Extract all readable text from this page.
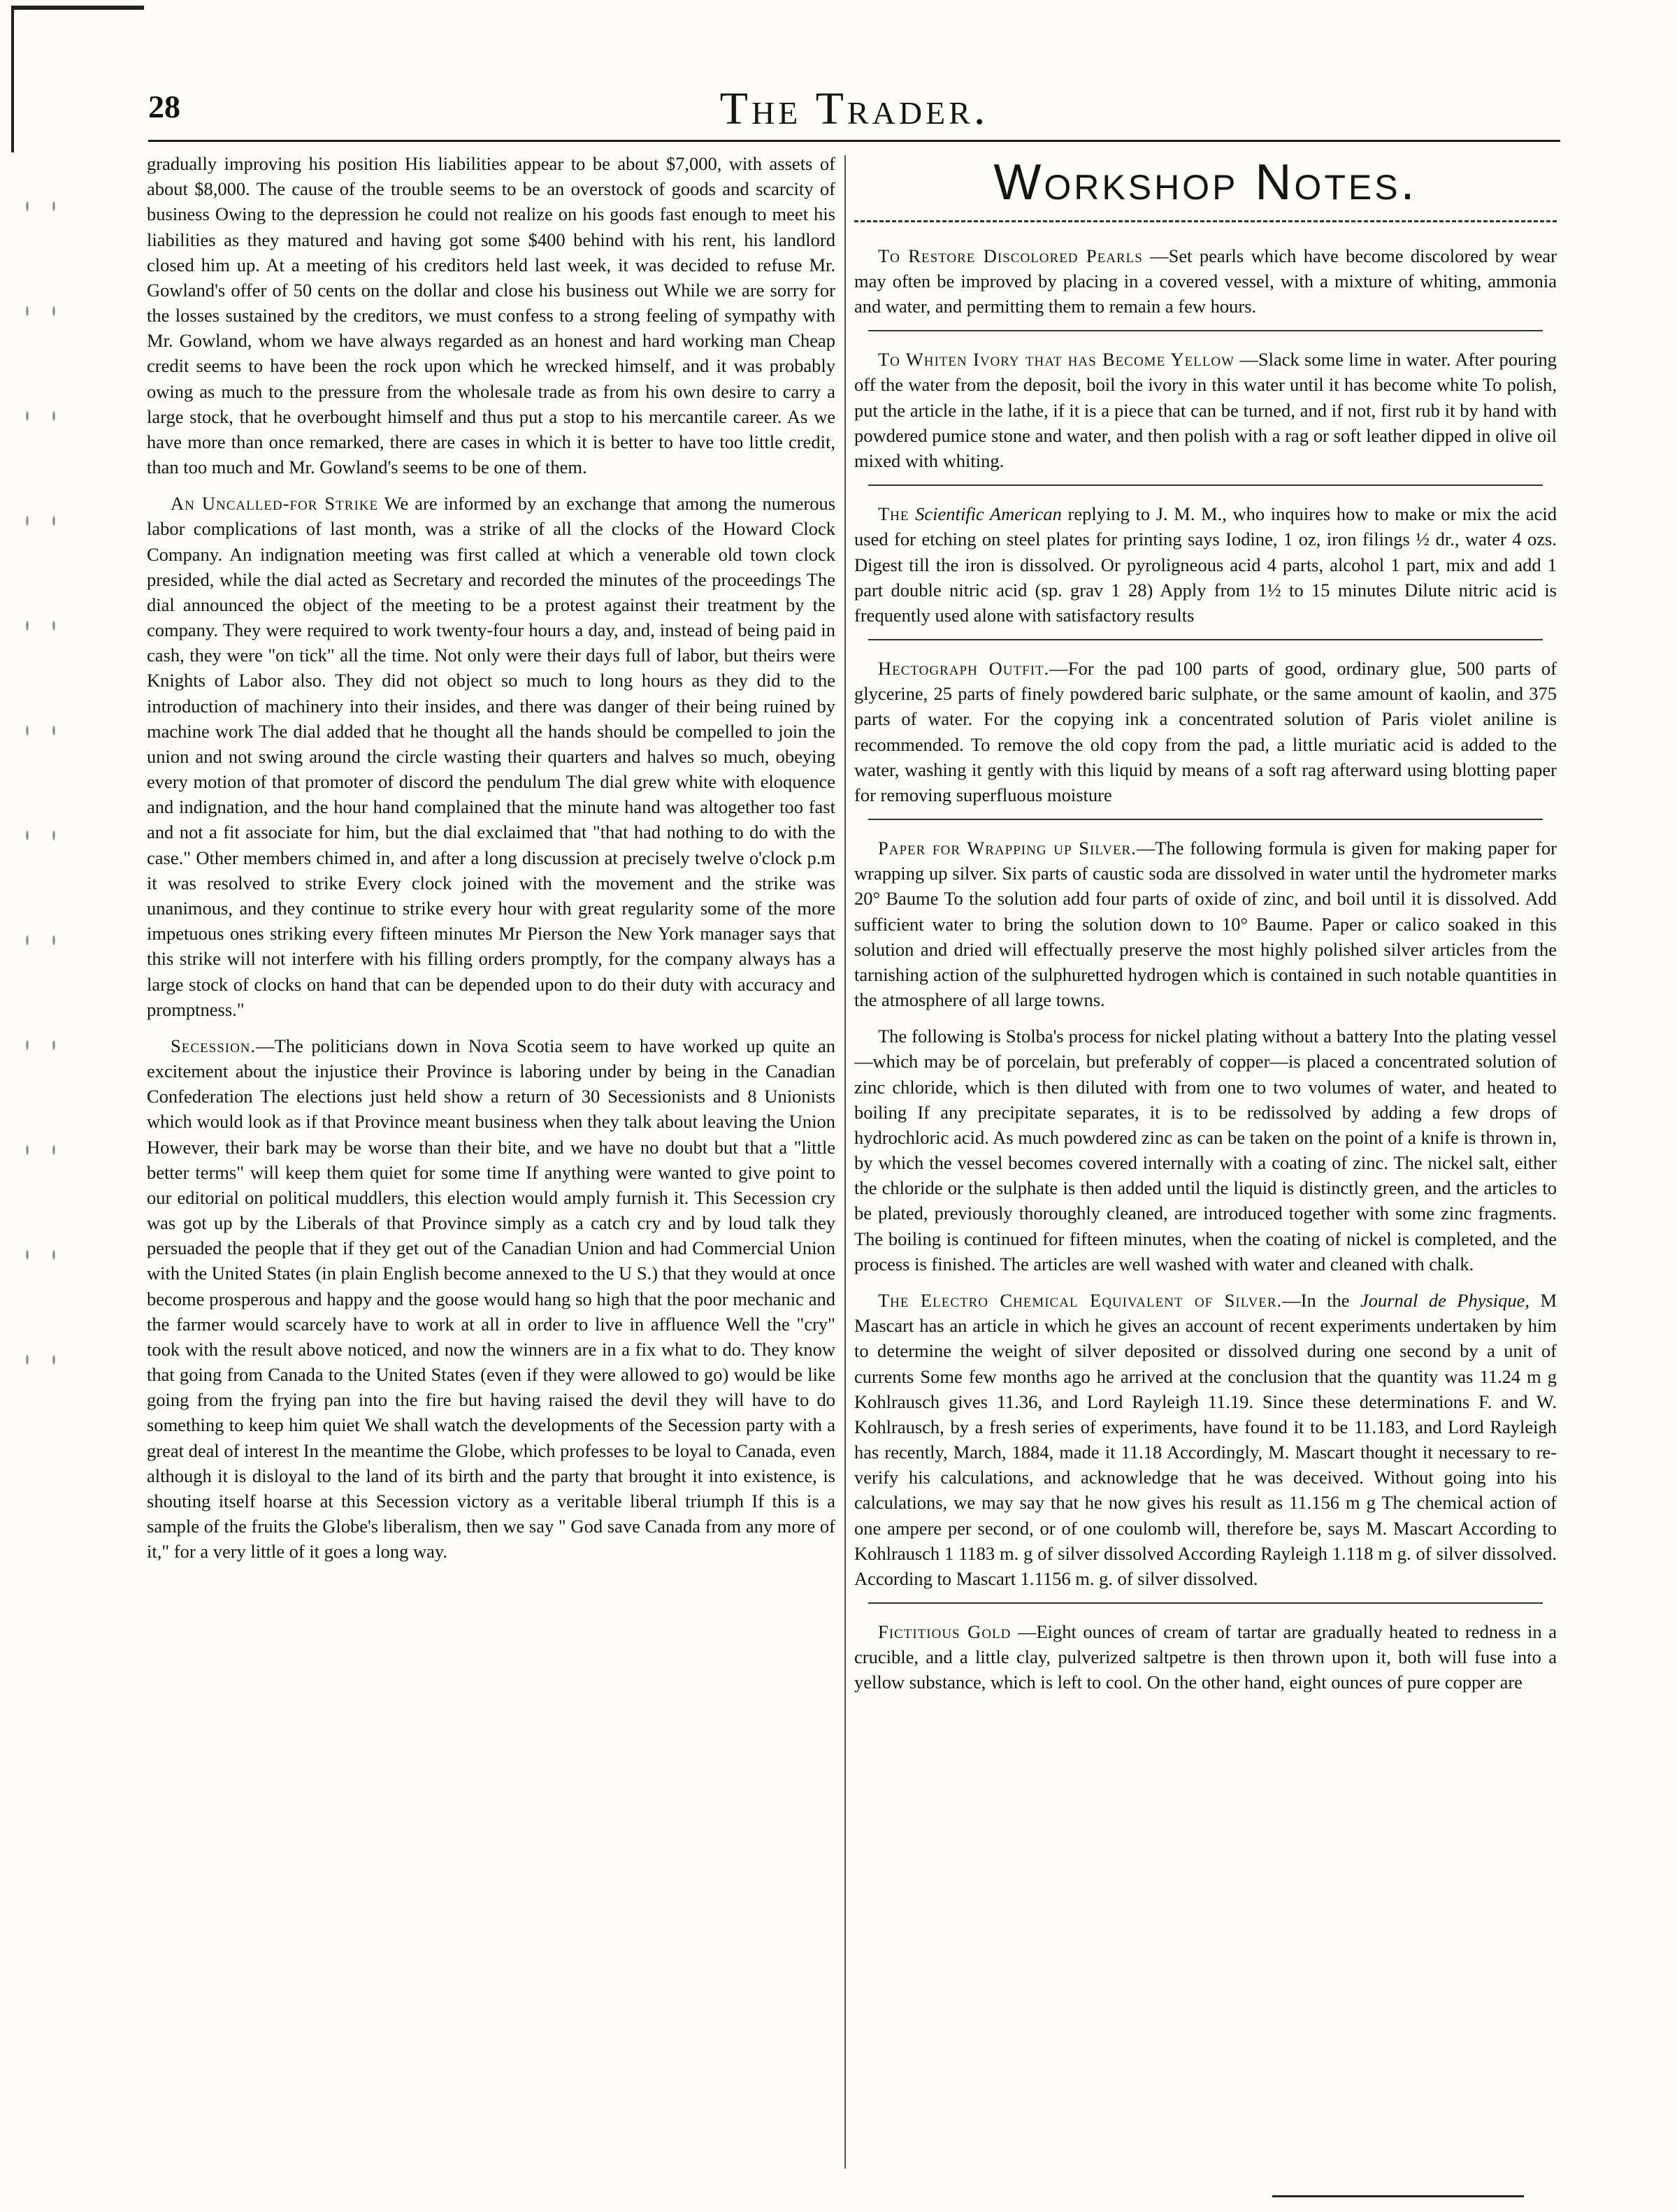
28	The Trader.

gradually improving his position His liabilities appear to be about $7,000, with assets of about $8,000. The cause of the trouble seems to be an overstock of goods and scarcity of business Owing to the depression he could not realize on his goods fast enough to meet his liabilities as they matured and having got some $400 behind with his rent, his landlord closed him up. At a meeting of his creditors held last week, it was decided to refuse Mr. Gowland's offer of 50 cents on the dollar and close his business out While we are sorry for the losses sustained by the creditors, we must confess to a strong feeling of sympathy with Mr. Gowland, whom we have always regarded as an honest and hard working man Cheap credit seems to have been the rock upon which he wrecked himself, and it was probably owing as much to the pressure from the wholesale trade as from his own desire to carry a large stock, that he overbought himself and thus put a stop to his mercantile career. As we have more than once remarked, there are cases in which it is better to have too little credit, than too much and Mr. Gowland's seems to be one of them.

An Uncalled-for Strike We are informed by an exchange that among the numerous labor complications of last month, was a strike of all the clocks of the Howard Clock Company. An indignation meeting was first called at which a venerable old town clock presided, while the dial acted as Secretary and recorded the minutes of the proceedings The dial announced the object of the meeting to be a protest against their treatment by the company. They were required to work twenty-four hours a day, and, instead of being paid in cash, they were "on tick" all the time. Not only were their days full of labor, but theirs were Knights of Labor also. They did not object so much to long hours as they did to the introduction of machinery into their insides, and there was danger of their being ruined by machine work The dial added that he thought all the hands should be compelled to join the union and not swing around the circle wasting their quarters and halves so much, obeying every motion of that promoter of discord the pendulum The dial grew white with eloquence and indignation, and the hour hand complained that the minute hand was altogether too fast and not a fit associate for him, but the dial exclaimed that "that had nothing to do with the case." Other members chimed in, and after a long discussion at precisely twelve o'clock p.m it was resolved to strike Every clock joined with the movement and the strike was unanimous, and they continue to strike every hour with great regularity some of the more impetuous ones striking every fifteen minutes Mr Pierson the New York manager says that this strike will not interfere with his filling orders promptly, for the company always has a large stock of clocks on hand that can be depended upon to do their duty with accuracy and promptness."

Secession.—The politicians down in Nova Scotia seem to have worked up quite an excitement about the injustice their Province is laboring under by being in the Canadian Confederation The elections just held show a return of 30 Secessionists and 8 Unionists which would look as if that Province meant business when they talk about leaving the Union However, their bark may be worse than their bite, and we have no doubt but that a "little better terms" will keep them quiet for some time If anything were wanted to give point to our editorial on political muddlers, this election would amply furnish it. This Secession cry was got up by the Liberals of that Province simply as a catch cry and by loud talk they persuaded the people that if they get out of the Canadian Union and had Commercial Union with the United States (in plain English become annexed to the U S.) that they would at once become prosperous and happy and the goose would hang so high that the poor mechanic and the farmer would scarcely have to work at all in order to live in affluence Well the "cry" took with the result above noticed, and now the winners are in a fix what to do. They know that going from Canada to the United States (even if they were allowed to go) would be like going from the frying pan into the fire but having raised the devil they will have to do something to keep him quiet We shall watch the developments of the Secession party with a great deal of interest In the meantime the Globe, which professes to be loyal to Canada, even although it is disloyal to the land of its birth and the party that brought it into existence, is shouting itself hoarse at this Secession victory as a veritable liberal triumph If this is a sample of the fruits the Globe's liberalism, then we say " God save Canada from any more of it," for a very little of it goes a long way.

Workshop Notes.

To Restore Discolored Pearls —Set pearls which have become discolored by wear may often be improved by placing in a covered vessel, with a mixture of whiting, ammonia and water, and permitting them to remain a few hours.

To Whiten Ivory that has Become Yellow —Slack some lime in water. After pouring off the water from the deposit, boil the ivory in this water until it has become white To polish, put the article in the lathe, if it is a piece that can be turned, and if not, first rub it by hand with powdered pumice stone and water, and then polish with a rag or soft leather dipped in olive oil mixed with whiting.

The Scientific American replying to J. M. M., who inquires how to make or mix the acid used for etching on steel plates for printing says Iodine, 1 oz, iron filings ½ dr., water 4 ozs. Digest till the iron is dissolved. Or pyroligneous acid 4 parts, alcohol 1 part, mix and add 1 part double nitric acid (sp. grav 1 28) Apply from 1½ to 15 minutes Dilute nitric acid is frequently used alone with satisfactory results

Hectograph Outfit.—For the pad 100 parts of good, ordinary glue, 500 parts of glycerine, 25 parts of finely powdered baric sulphate, or the same amount of kaolin, and 375 parts of water. For the copying ink a concentrated solution of Paris violet aniline is recommended. To remove the old copy from the pad, a little muriatic acid is added to the water, washing it gently with this liquid by means of a soft rag afterward using blotting paper for removing superfluous moisture

Paper for Wrapping up Silver.—The following formula is given for making paper for wrapping up silver. Six parts of caustic soda are dissolved in water until the hydrometer marks 20° Baume To the solution add four parts of oxide of zinc, and boil until it is dissolved. Add sufficient water to bring the solution down to 10° Baume. Paper or calico soaked in this solution and dried will effectually preserve the most highly polished silver articles from the tarnishing action of the sulphuretted hydrogen which is contained in such notable quantities in the atmosphere of all large towns.

The following is Stolba's process for nickel plating without a battery Into the plating vessel—which may be of porcelain, but preferably of copper—is placed a concentrated solution of zinc chloride, which is then diluted with from one to two volumes of water, and heated to boiling If any precipitate separates, it is to be redissolved by adding a few drops of hydrochloric acid. As much powdered zinc as can be taken on the point of a knife is thrown in, by which the vessel becomes covered internally with a coating of zinc. The nickel salt, either the chloride or the sulphate is then added until the liquid is distinctly green, and the articles to be plated, previously thoroughly cleaned, are introduced together with some zinc fragments. The boiling is continued for fifteen minutes, when the coating of nickel is completed, and the process is finished. The articles are well washed with water and cleaned with chalk.

The Electro Chemical Equivalent of Silver.—In the Journal de Physique, M Mascart has an article in which he gives an account of recent experiments undertaken by him to determine the weight of silver deposited or dissolved during one second by a unit of currents Some few months ago he arrived at the conclusion that the quantity was 11.24 m g Kohlrausch gives 11.36, and Lord Rayleigh 11.19. Since these determinations F. and W. Kohlrausch, by a fresh series of experiments, have found it to be 11.183, and Lord Rayleigh has recently, March, 1884, made it 11.18 Accordingly, M. Mascart thought it necessary to re-verify his calculations, and acknowledge that he was deceived. Without going into his calculations, we may say that he now gives his result as 11.156 m g The chemical action of one ampere per second, or of one coulomb will, therefore be, says M. Mascart According to Kohlrausch 1 1183 m. g of silver dissolved According Rayleigh 1.118 m g. of silver dissolved. According to Mascart 1.1156 m. g. of silver dissolved.

Fictitious Gold —Eight ounces of cream of tartar are gradually heated to redness in a crucible, and a little clay, pulverized saltpetre is then thrown upon it, both will fuse into a yellow substance, which is left to cool. On the other hand, eight ounces of pure copper are
